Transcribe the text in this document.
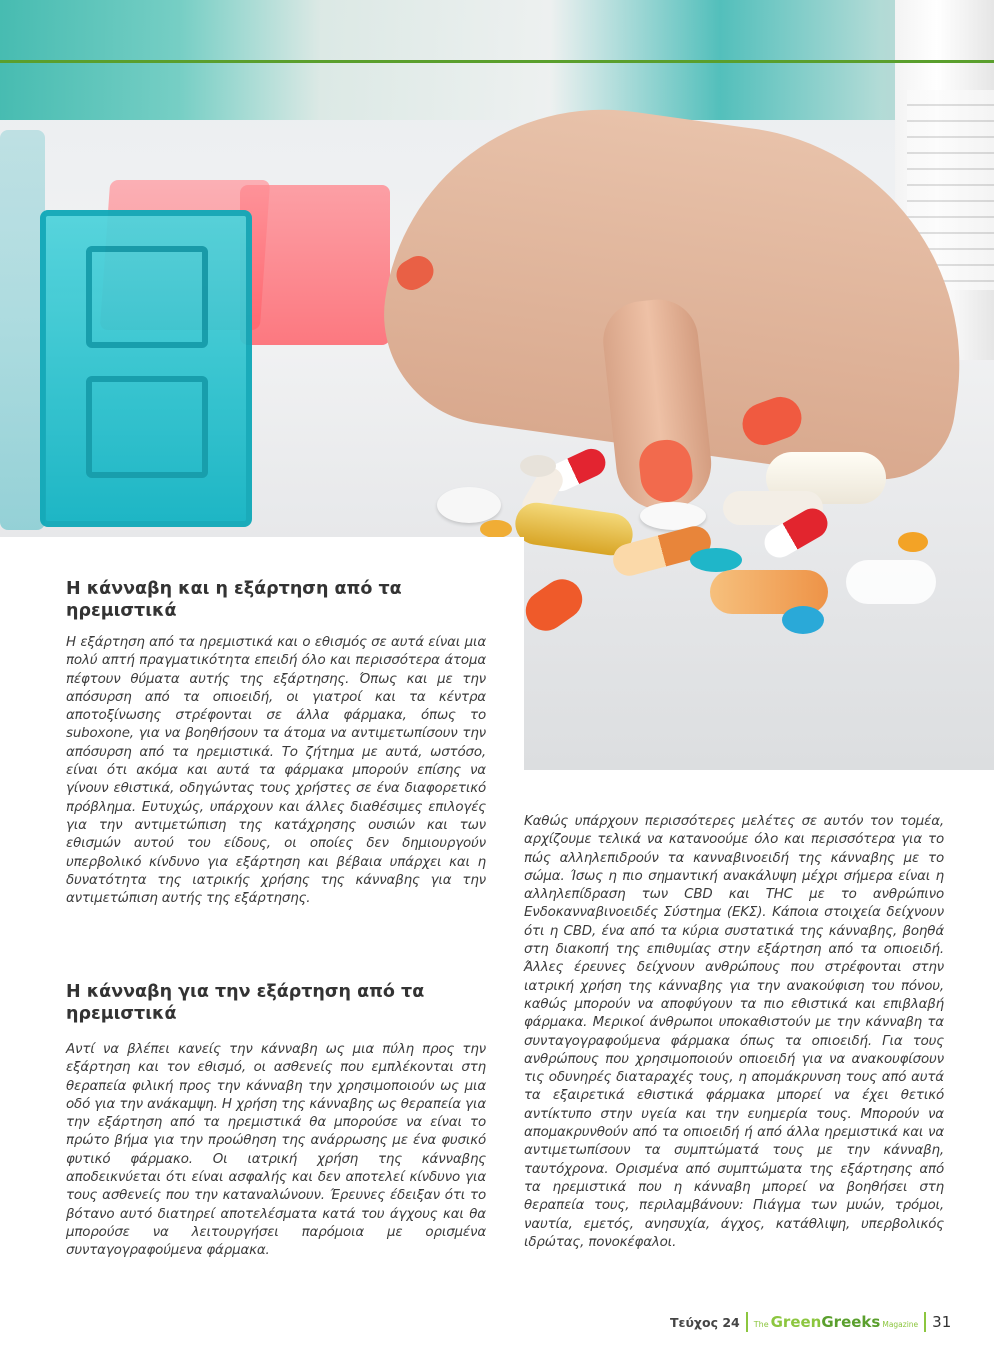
Η κάνναβη και η εξάρτηση από τα ηρεμιστικά

Η εξάρτηση από τα ηρεμιστικά και ο εθισμός σε αυτά είναι μια πολύ απτή πραγματικότητα επειδή όλο και περισσότερα άτομα πέφτουν θύματα αυτής της εξάρτησης. Όπως και με την απόσυρση από τα οπιοειδή, οι γιατροί και τα κέντρα αποτοξίνωσης στρέφονται σε άλλα φάρμακα, όπως το suboxone, για να βοηθήσουν τα άτομα να αντιμετωπίσουν την απόσυρση από τα ηρεμιστικά. Το ζήτημα με αυτά, ωστόσο, είναι ότι ακόμα και αυτά τα φάρμακα μπορούν επίσης να γίνουν εθιστικά, οδηγώντας τους χρήστες σε ένα διαφορετικό πρόβλημα. Ευτυχώς, υπάρχουν και άλλες διαθέσιμες επιλογές για την αντιμετώπιση της κατάχρησης ουσιών και των εθισμών αυτού του είδους, οι οποίες δεν δημιουργούν υπερβολικό κίνδυνο για εξάρτηση και βέβαια υπάρχει και η δυνατότητα της ιατρικής χρήσης της κάνναβης για την αντιμετώπιση αυτής της εξάρτησης.

Η κάνναβη για την εξάρτηση από τα ηρεμιστικά

Αντί να βλέπει κανείς την κάνναβη ως μια πύλη προς την εξάρτηση και τον εθισμό, οι ασθενείς που εμπλέκονται στη θεραπεία φιλική προς την κάνναβη την χρησιμοποιούν ως μια οδό για την ανάκαμψη. Η χρήση της κάνναβης ως θεραπεία για την εξάρτηση από τα ηρεμιστικά θα μπορούσε να είναι το πρώτο βήμα για την προώθηση της ανάρρωσης με ένα φυσικό φυτικό φάρμακο. Οι ιατρική χρήση της κάνναβης αποδεικνύεται ότι είναι ασφαλής και δεν αποτελεί κίνδυνο για τους ασθενείς που την καταναλώνουν. Έρευνες έδειξαν ότι το βότανο αυτό διατηρεί αποτελέσματα κατά του άγχους και θα μπορούσε να λειτουργήσει παρόμοια με ορισμένα συνταγογραφούμενα φάρμακα.

Καθώς υπάρχουν περισσότερες μελέτες σε αυτόν τον τομέα, αρχίζουμε τελικά να κατανοούμε όλο και περισσότερα για το πώς αλληλεπιδρούν τα κανναβινοειδή της κάνναβης με το σώμα. Ίσως η πιο σημαντική ανακάλυψη μέχρι σήμερα είναι η αλληλεπίδραση των CBD και THC με το ανθρώπινο Ενδοκανναβινοειδές Σύστημα (ΕΚΣ). Κάποια στοιχεία δείχνουν ότι η CBD, ένα από τα κύρια συστατικά της κάνναβης, βοηθά στη διακοπή της επιθυμίας στην εξάρτηση από τα οπιοειδή. Άλλες έρευνες δείχνουν ανθρώπους που στρέφονται στην ιατρική χρήση της κάνναβης για την ανακούφιση του πόνου, καθώς μπορούν να αποφύγουν τα πιο εθιστικά και επιβλαβή φάρμακα. Μερικοί άνθρωποι υποκαθιστούν με την κάνναβη τα συνταγογραφούμενα φάρμακα όπως τα οπιοειδή. Για τους ανθρώπους που χρησιμοποιούν οπιοειδή για να ανακουφίσουν τις οδυνηρές διαταραχές τους, η απομάκρυνση τους από αυτά τα εξαιρετικά εθιστικά φάρμακα μπορεί να έχει θετικό αντίκτυπο στην υγεία και την ευημερία τους. Μπορούν να απομακρυνθούν από τα οπιοειδή ή από άλλα ηρεμιστικά και να αντιμετωπίσουν τα συμπτώματά τους με την κάνναβη, ταυτόχρονα. Ορισμένα από συμπτώματα της εξάρτησης από τα ηρεμιστικά που η κάνναβη μπορεί να βοηθήσει στη θεραπεία τους, περιλαμβάνουν: Πιάγμα των μυών, τρόμοι, ναυτία, εμετός, ανησυχία, άγχος, κατάθλιψη, υπερβολικός ιδρώτας, πονοκέφαλοι.

Τεύχος 24 The Green Greeks Magazine 31
